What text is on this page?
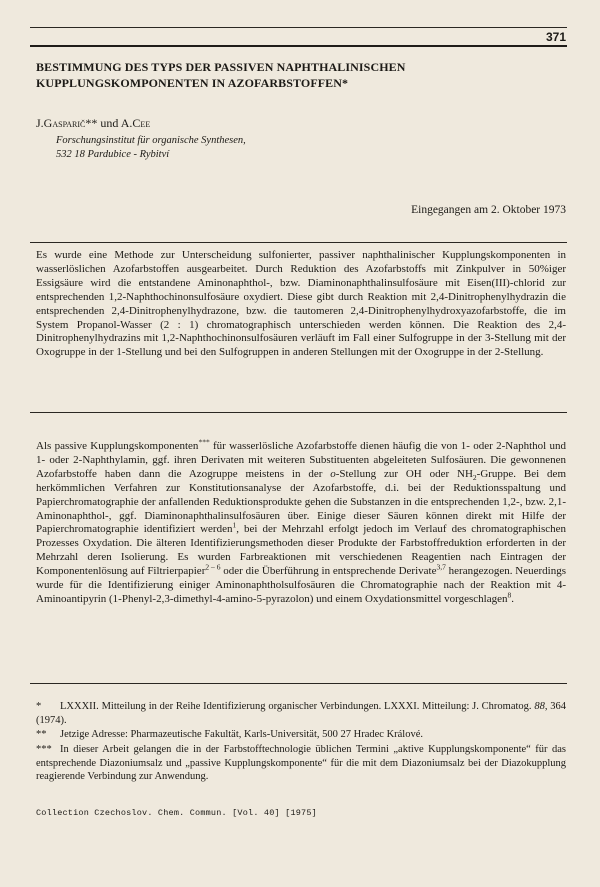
371
BESTIMMUNG DES TYPS DER PASSIVEN NAPHTHALINISCHEN
KUPPLUNGSKOMPONENTEN IN AZOFARBSTOFFEN*
J.Gasparič** und A.Cee
Forschungsinstitut für organische Synthesen,
532 18 Pardubice - Rybitví
Eingegangen am 2. Oktober 1973

Es wurde eine Methode zur Unterscheidung sulfonierter, passiver naphthalinischer Kupplungskomponenten in wasserlöslichen Azofarbstoffen ausgearbeitet. Durch Reduktion des Azofarbstoffs mit Zinkpulver in 50%iger Essigsäure wird die entstandene Aminonaphthol-, bzw. Diaminonaphthalinsulfosäure mit Eisen(III)-chlorid zur entsprechenden 1,2-Naphthochinonsulfosäure oxydiert. Diese gibt durch Reaktion mit 2,4-Dinitrophenylhydrazin die entsprechenden 2,4-Dinitrophenylhydrazone, bzw. die tautomeren 2,4-Dinitrophenylhydroxyazofarbstoffe, die im System Propanol-Wasser (2 : 1) chromatographisch unterschieden werden können. Die Reaktion des 2,4-Dinitrophenylhydrazins mit 1,2-Naphthochinonsulfosäuren verläuft im Fall einer Sulfogruppe in der 3-Stellung mit der Oxogruppe in der 1-Stellung und bei den Sulfogruppen in anderen Stellungen mit der Oxogruppe in der 2-Stellung.

Als passive Kupplungskomponenten*** für wasserlösliche Azofarbstoffe dienen häufig die von 1- oder 2-Naphthol und 1- oder 2-Naphthylamin, ggf. ihren Derivaten mit weiteren Substituenten abgeleiteten Sulfosäuren. Die gewonnenen Azofarbstoffe haben dann die Azogruppe meistens in der o-Stellung zur OH oder $NH_2$-Gruppe. Bei dem herkömmlichen Verfahren zur Konstitutionsanalyse der Azofarbstoffe, d.i. bei der Reduktionsspaltung und Papierchromatographie der anfallenden Reduktionsprodukte gehen die Substanzen in die entsprechenden 1,2-, bzw. 2,1-Aminonaphthol-, ggf. Diaminonaphthalinsulfosäuren über. Einige dieser Säuren können direkt mit Hilfe der Papierchromatographie identifiziert werden$^1$, bei der Mehrzahl erfolgt jedoch im Verlauf des chromatographischen Prozesses Oxydation. Die älteren Identifizierungsmethoden dieser Produkte der Farbstoffreduktion erforderten in der Mehrzahl deren Isolierung. Es wurden Farbreaktionen mit verschiedenen Reagentien nach Eintragen der Komponentenlösung auf Filtrierpapier$^{2 - 6}$ oder die Überführung in entsprechende Derivate$^{3,7}$ herangezogen. Neuerdings wurde für die Identifizierung einiger Aminonaphtholsulfosäuren die Chromatographie nach der Reaktion mit 4-Aminoantipyrin (1-Phenyl-2,3-dimethyl-4-amino-5-pyrazolon) und einem Oxydationsmittel vorgeschlagen$^8$.

* LXXXII. Mitteilung in der Reihe Identifizierung organischer Verbindungen. LXXXI. Mitteilung: J. Chromatog. 88, 364 (1974).
** Jetzige Adresse: Pharmazeutische Fakultät, Karls-Universität, 500 27 Hradec Králové.
*** In dieser Arbeit gelangen die in der Farbstofftechnologie üblichen Termini „aktive Kupplungskomponente“ für das entsprechende Diazoniumsalz und „passive Kupplungskomponente“ für die mit dem Diazoniumsalz bei der Diazokupplung reagierende Verbindung zur Anwendung.
Collection Czechoslov. Chem. Commun. [Vol. 40] [1975]
